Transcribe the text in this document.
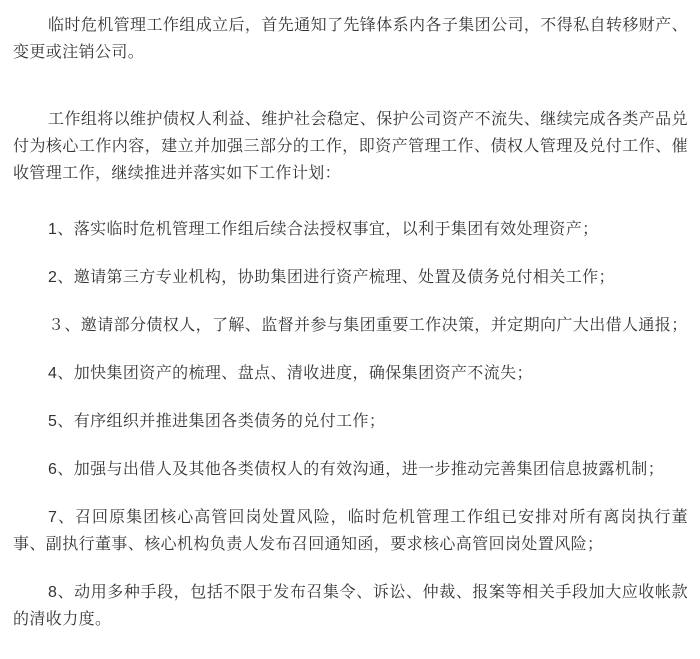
临时危机管理工作组成立后，首先通知了先锋体系内各子集团公司，不得私自转移财产、变更或注销公司。

工作组将以维护债权人利益、维护社会稳定、保护公司资产不流失、继续完成各类产品兑付为核心工作内容，建立并加强三部分的工作，即资产管理工作、债权人管理及兑付工作、催收管理工作，继续推进并落实如下工作计划：

1、落实临时危机管理工作组后续合法授权事宜，以利于集团有效处理资产；

2、邀请第三方专业机构，协助集团进行资产梳理、处置及债务兑付相关工作；

３、邀请部分债权人，了解、监督并参与集团重要工作决策，并定期向广大出借人通报；

4、加快集团资产的梳理、盘点、清收进度，确保集团资产不流失；

5、有序组织并推进集团各类债务的兑付工作；

6、加强与出借人及其他各类债权人的有效沟通，进一步推动完善集团信息披露机制；

7、召回原集团核心高管回岗处置风险，临时危机管理工作组已安排对所有离岗执行董事、副执行董事、核心机构负责人发布召回通知函，要求核心高管回岗处置风险；

8、动用多种手段，包括不限于发布召集令、诉讼、仲裁、报案等相关手段加大应收帐款的清收力度。
